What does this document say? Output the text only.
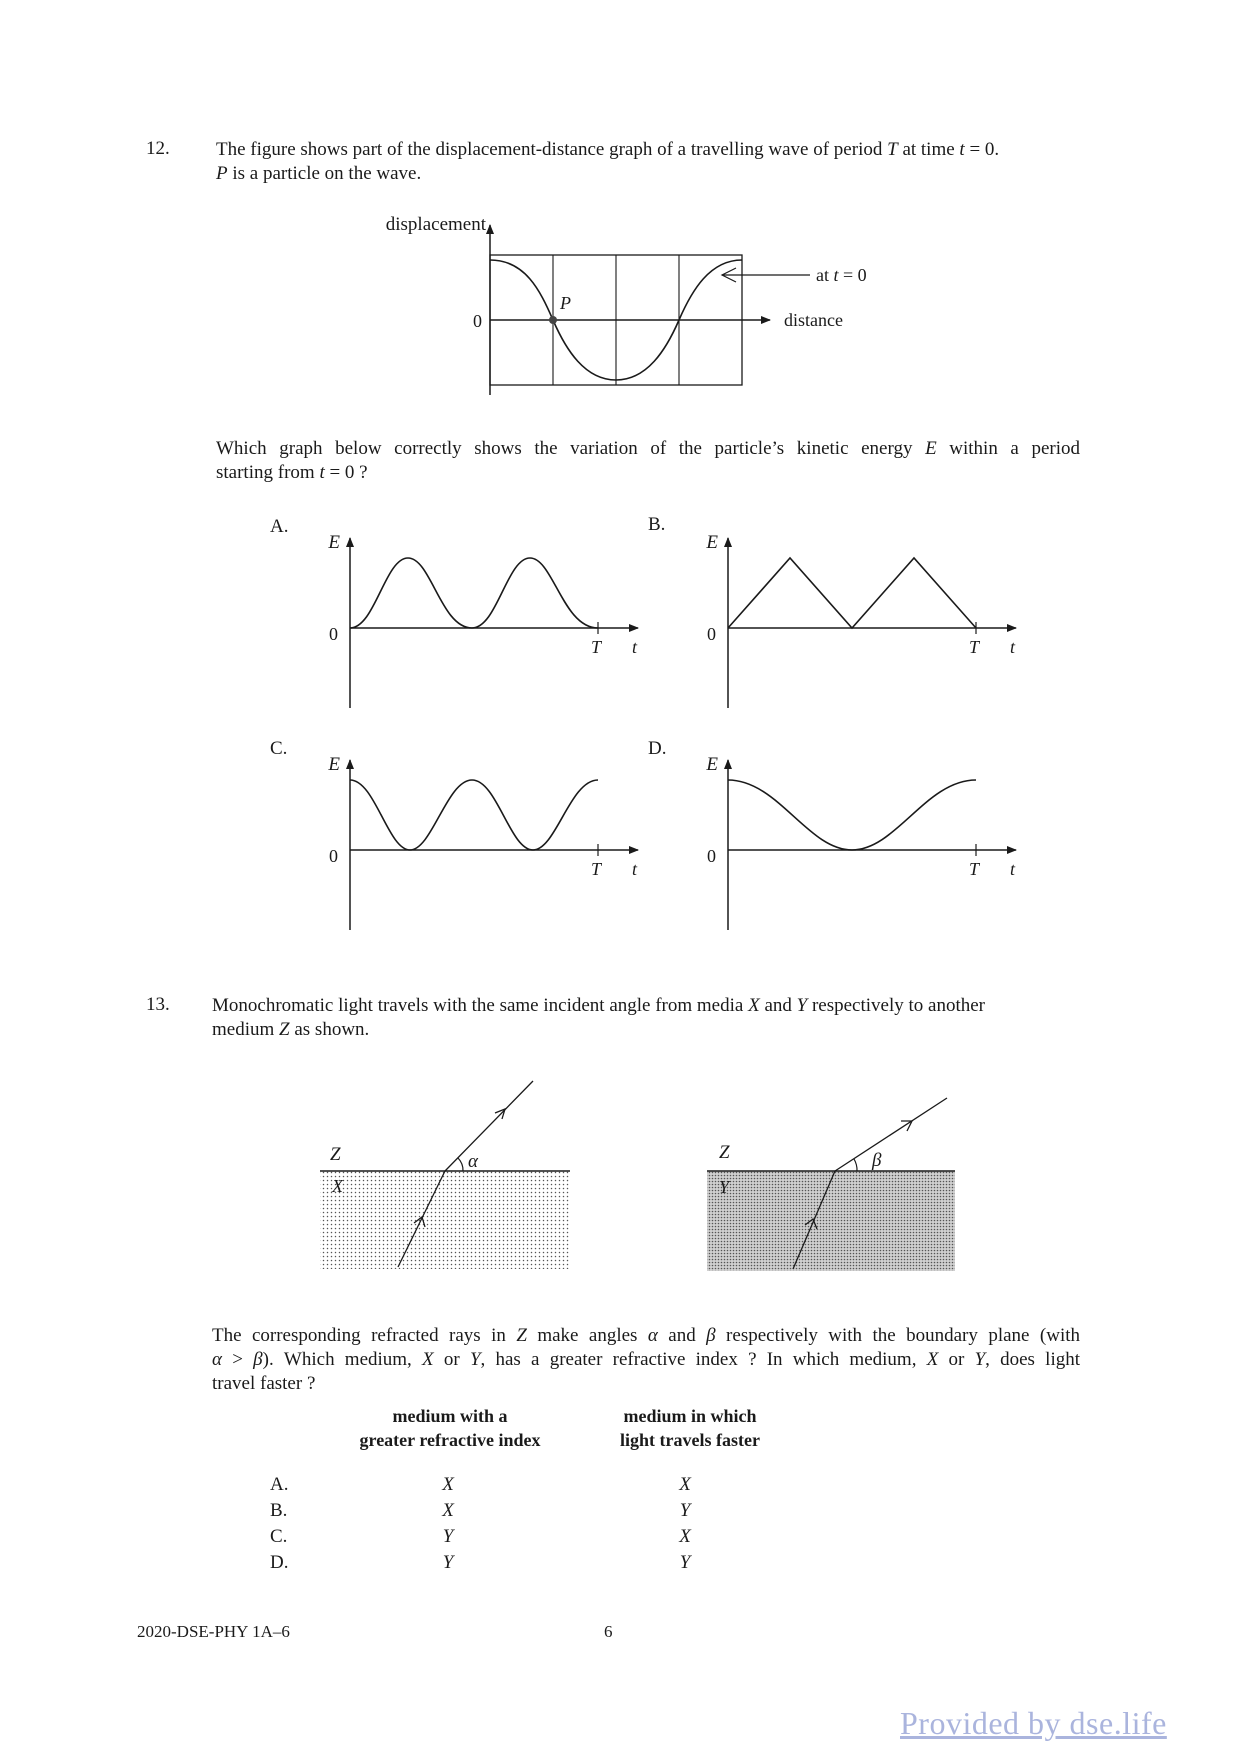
12. The figure shows part of the displacement-distance graph of a travelling wave of period T at time t = 0.
P is a particle on the wave.
P
displacement
0	distance
at t = 0
Which graph below correctly shows the variation of the particle’s kinetic energy E within a period
starting from t = 0 ?
A.	B.
C.	D.
E
0
T t
E
0
T t
E
0
T t
E
0
T t
13. Monochromatic light travels with the same incident angle from media X and Y respectively to another
medium Z as shown.
α
Z
X
β
Z
Y
The corresponding refracted rays in Z make angles α and β respectively with the boundary plane (with
α > β). Which medium, X or Y, has a greater refractive index ? In which medium, X or Y, does light
travel faster ?
medium with a
greater refractive index
medium in which
light travels faster
A.	X	X
B.	X	Y
C.	Y	X
D.	Y	Y
2020-DSE-PHY 1A–6	6
Provided by dse.life
